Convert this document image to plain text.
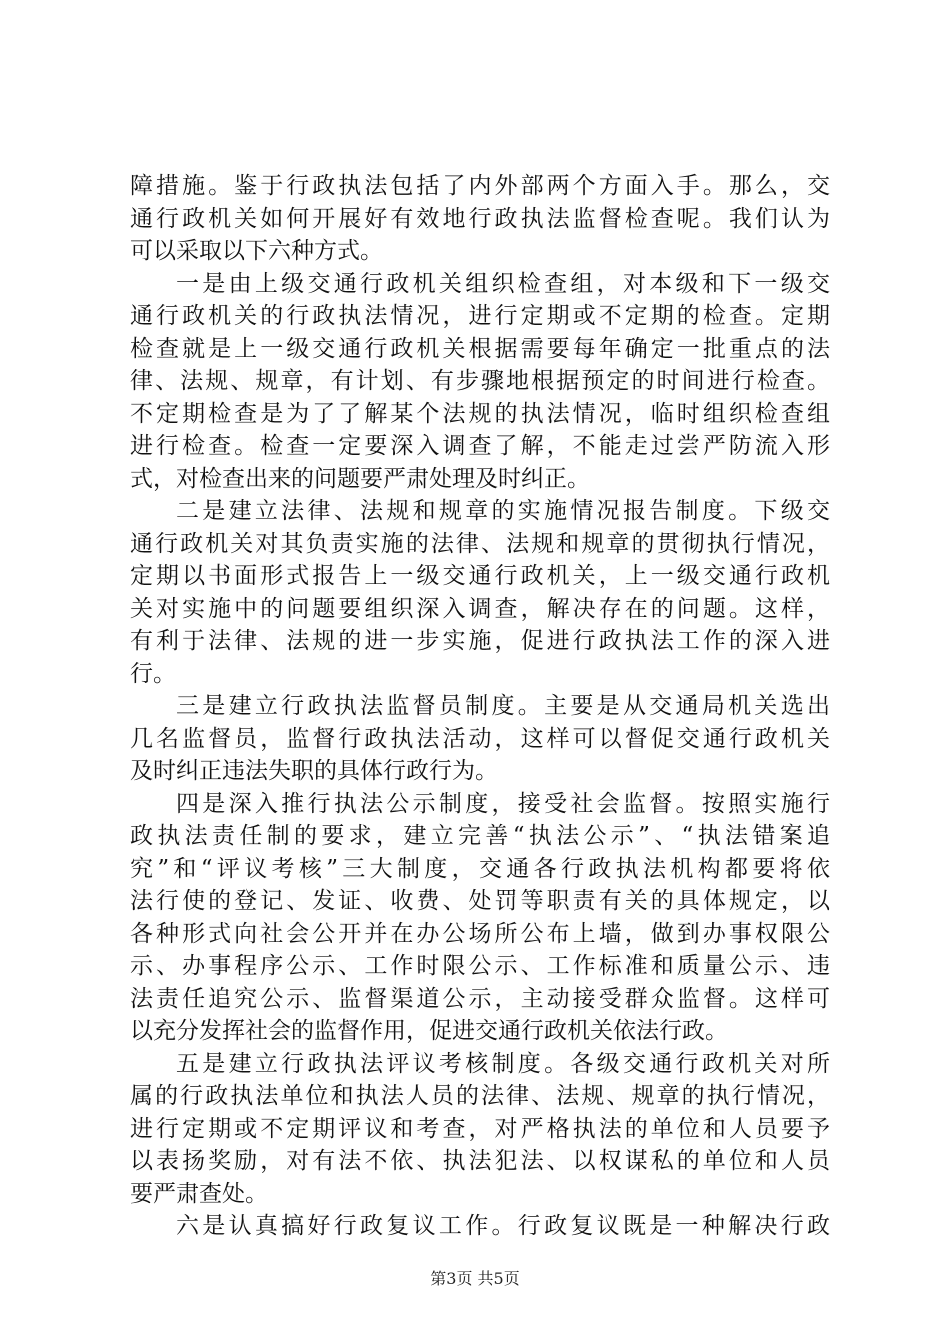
障措施。鉴于行政执法包括了内外部两个方面入手。那么，交
通行政机关如何开展好有效地行政执法监督检查呢。我们认为
可以采取以下六种方式。
一是由上级交通行政机关组织检查组，对本级和下一级交
通行政机关的行政执法情况，进行定期或不定期的检查。定期
检查就是上一级交通行政机关根据需要每年确定一批重点的法
律、法规、规章，有计划、有步骤地根据预定的时间进行检查。
不定期检查是为了了解某个法规的执法情况，临时组织检查组
进行检查。检查一定要深入调查了解，不能走过尝严防流入形
式，对检查出来的问题要严肃处理及时纠正。
二是建立法律、法规和规章的实施情况报告制度。下级交
通行政机关对其负责实施的法律、法规和规章的贯彻执行情况，
定期以书面形式报告上一级交通行政机关，上一级交通行政机
关对实施中的问题要组织深入调查，解决存在的问题。这样，
有利于法律、法规的进一步实施，促进行政执法工作的深入进
行。
三是建立行政执法监督员制度。主要是从交通局机关选出
几名监督员，监督行政执法活动，这样可以督促交通行政机关
及时纠正违法失职的具体行政行为。
四是深入推行执法公示制度，接受社会监督。按照实施行
政执法责任制的要求，建立完善“执法公示”、“执法错案追
究”和“评议考核”三大制度，交通各行政执法机构都要将依
法行使的登记、发证、收费、处罚等职责有关的具体规定，以
各种形式向社会公开并在办公场所公布上墙，做到办事权限公
示、办事程序公示、工作时限公示、工作标准和质量公示、违
法责任追究公示、监督渠道公示，主动接受群众监督。这样可
以充分发挥社会的监督作用，促进交通行政机关依法行政。
五是建立行政执法评议考核制度。各级交通行政机关对所
属的行政执法单位和执法人员的法律、法规、规章的执行情况，
进行定期或不定期评议和考查，对严格执法的单位和人员要予
以表扬奖励，对有法不依、执法犯法、以权谋私的单位和人员
要严肃查处。
六是认真搞好行政复议工作。行政复议既是一种解决行政
第3页 共5页
